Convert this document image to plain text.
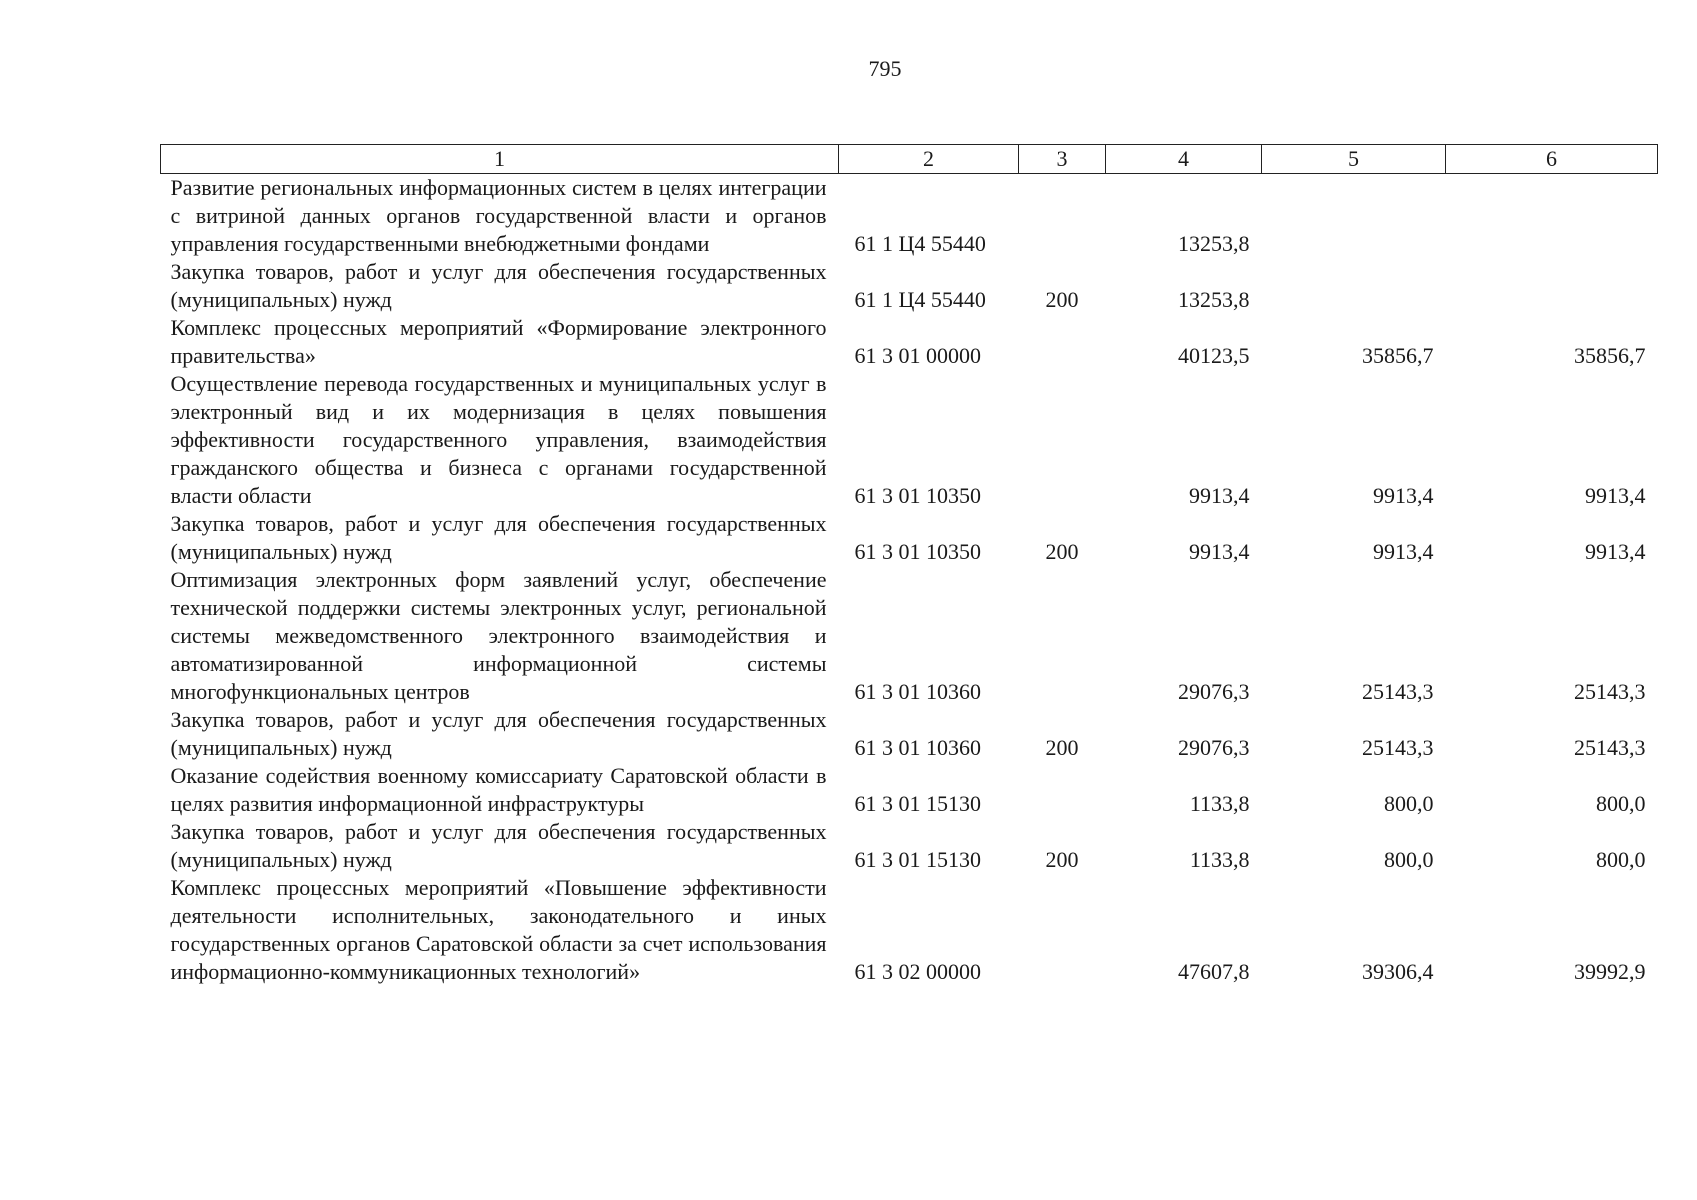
795
1	2	3	4	5	6
Развитие региональных информационных систем в целях интеграции с витриной данных органов государственной власти и органов управления государственными внебюджетными фондами	61 1 Ц4 55440		13253,8		
Закупка товаров, работ и услуг для обеспечения государственных (муниципальных) нужд	61 1 Ц4 55440	200	13253,8		
Комплекс процессных мероприятий «Формирование электронного правительства»	61 3 01 00000		40123,5	35856,7	35856,7
Осуществление перевода государственных и муниципальных услуг в электронный вид и их модернизация в целях повышения эффективности государственного управления, взаимодействия гражданского общества и бизнеса с органами государственной власти области	61 3 01 10350		9913,4	9913,4	9913,4
Закупка товаров, работ и услуг для обеспечения государственных (муниципальных) нужд	61 3 01 10350	200	9913,4	9913,4	9913,4
Оптимизация электронных форм заявлений услуг, обеспечение технической поддержки системы электронных услуг, региональной системы межведомственного электронного взаимодействия и автоматизированной информационной системы многофункциональных центров	61 3 01 10360		29076,3	25143,3	25143,3
Закупка товаров, работ и услуг для обеспечения государственных (муниципальных) нужд	61 3 01 10360	200	29076,3	25143,3	25143,3
Оказание содействия военному комиссариату Саратовской области в целях развития информационной инфраструктуры	61 3 01 15130		1133,8	800,0	800,0
Закупка товаров, работ и услуг для обеспечения государственных (муниципальных) нужд	61 3 01 15130	200	1133,8	800,0	800,0
Комплекс процессных мероприятий «Повышение эффективности деятельности исполнительных, законодательного и иных государственных органов Саратовской области за счет использования информационно-коммуникационных технологий»	61 3 02 00000		47607,8	39306,4	39992,9
